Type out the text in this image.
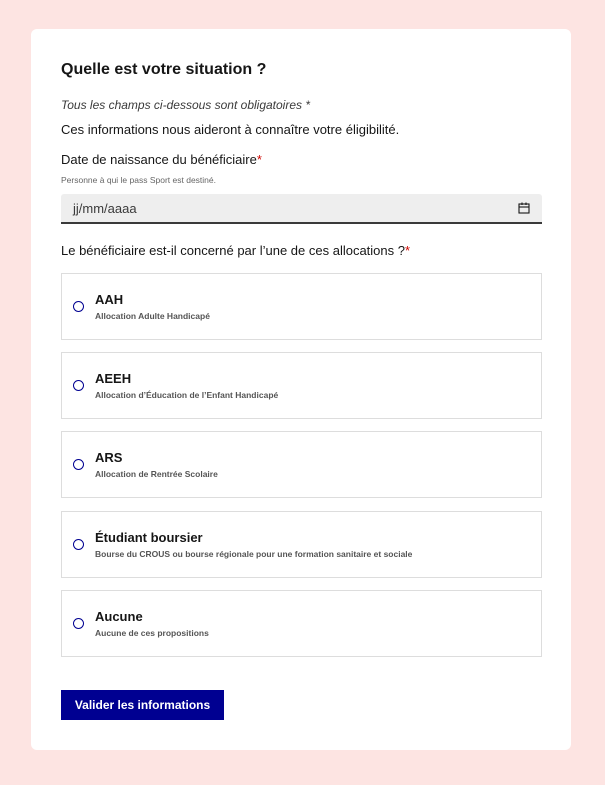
Quelle est votre situation ?
Tous les champs ci-dessous sont obligatoires *
Ces informations nous aideront à connaître votre éligibilité.
Date de naissance du bénéficiaire*
Personne à qui le pass Sport est destiné.
jj/mm/aaaa
Le bénéficiaire est-il concerné par l’une de ces allocations ?*
AAH
Allocation Adulte Handicapé
AEEH
Allocation d’Éducation de l’Enfant Handicapé
ARS
Allocation de Rentrée Scolaire
Étudiant boursier
Bourse du CROUS ou bourse régionale pour une formation sanitaire et sociale
Aucune
Aucune de ces propositions
Valider les informations
